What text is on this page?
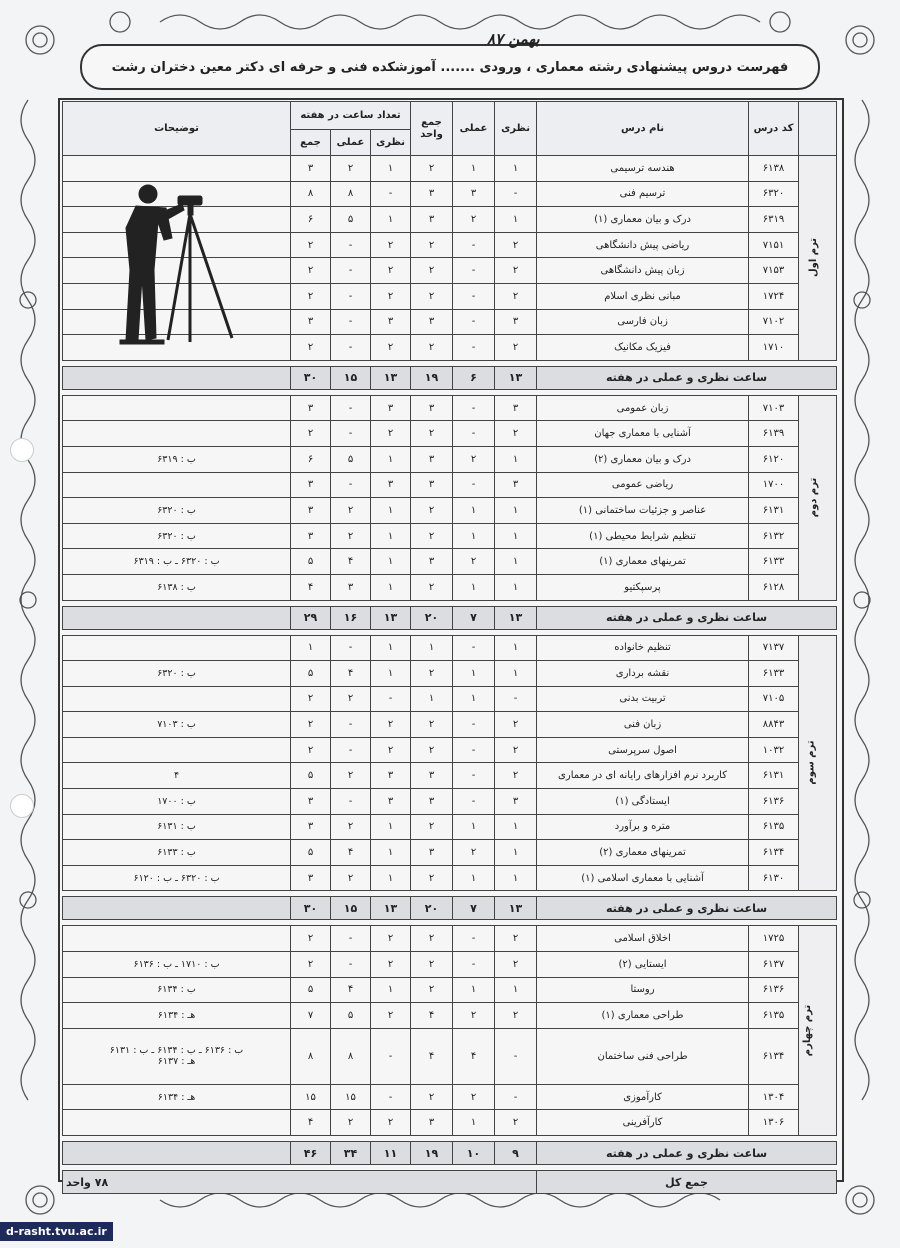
فهرست دروس پیشنهادی رشته معماری ، ورودی ....... آموزشکده فنی و حرفه ای دکتر معین دختران رشت
بهمن ۸۷
	کد درس	نام درس	نظری	عملی	جمع واحد	تعداد ساعت در هفته			توضیحات
						نظری	عملی	جمع	
ترم اول	۶۱۳۸	هندسه ترسیمی	۱	۱	۲	۱	۲	۳	
	۶۳۲۰	ترسیم فنی	-	۳	۳	-	۸	۸	
	۶۳۱۹	درک و بیان معماری (۱)	۱	۲	۳	۱	۵	۶	
	۷۱۵۱	ریاضی پیش دانشگاهی	۲	-	۲	۲	-	۲	
	۷۱۵۳	زبان پیش دانشگاهی	۲	-	۲	۲	-	۲	
	۱۷۲۴	مبانی نظری اسلام	۲	-	۲	۲	-	۲	
	۷۱۰۲	زبان فارسی	۳	-	۳	۳	-	۳	
	۱۷۱۰	فیزیک مکانیک	۲	-	۲	۲	-	۲	

ساعت نظری و عملی در هفته			۱۳	۶	۱۹	۱۳	۱۵	۳۰	

ترم دوم	۷۱۰۳	زبان عمومی	۳	-	۳	۳	-	۳	
	۶۱۳۹	آشنایی با معماری جهان	۲	-	۲	۲	-	۲	
	۶۱۲۰	درک و بیان معماری (۲)	۱	۲	۳	۱	۵	۶	ب : ۶۳۱۹
	۱۷۰۰	ریاضی عمومی	۳	-	۳	۳	-	۳	
	۶۱۳۱	عناصر و جزئیات ساختمانی (۱)	۱	۱	۲	۱	۲	۳	ب : ۶۳۲۰
	۶۱۳۲	تنظیم شرایط محیطی (۱)	۱	۱	۲	۱	۲	۳	ب : ۶۳۲۰
	۶۱۳۳	تمرینهای معماری (۱)	۱	۲	۳	۱	۴	۵	ب : ۶۳۲۰ ـ ب : ۶۳۱۹
	۶۱۲۸	پرسپکتیو	۱	۱	۲	۱	۳	۴	ب : ۶۱۳۸

ساعت نظری و عملی در هفته			۱۳	۷	۲۰	۱۳	۱۶	۲۹	

ترم سوم	۷۱۳۷	تنظیم خانواده	۱	-	۱	۱	-	۱	
	۶۱۳۳	نقشه برداری	۱	۱	۲	۱	۴	۵	ب : ۶۳۲۰
	۷۱۰۵	تربیت بدنی	-	۱	۱	-	۲	۲	
	۸۸۴۳	زبان فنی	۲	-	۲	۲	-	۲	ب : ۷۱۰۳
	۱۰۳۲	اصول سرپرستی	۲	-	۲	۲	-	۲	
	۶۱۳۱	کاربرد نرم افزارهای رایانه ای در معماری	۲	-	۳	۳	۲	۵	۴
	۶۱۳۶	ایستادگی (۱)	۳	-	۳	۳	-	۳	ب : ۱۷۰۰
	۶۱۳۵	متره و برآورد	۱	۱	۲	۱	۲	۳	ب : ۶۱۳۱
	۶۱۳۴	تمرینهای معماری (۲)	۱	۲	۳	۱	۴	۵	ب : ۶۱۳۳
	۶۱۳۰	آشنایی با معماری اسلامی (۱)	۱	۱	۲	۱	۲	۳	ب : ۶۳۲۰ ـ ب : ۶۱۲۰

ساعت نظری و عملی در هفته			۱۳	۷	۲۰	۱۳	۱۵	۳۰	

ترم چهارم	۱۷۲۵	اخلاق اسلامی	۲	-	۲	۲	-	۲	
	۶۱۳۷	ایستایی (۲)	۲	-	۲	۲	-	۲	ب : ۱۷۱۰ ـ ب : ۶۱۳۶
	۶۱۳۶	روستا	۱	۱	۲	۱	۴	۵	ب : ۶۱۳۴
	۶۱۳۵	طراحی معماری (۱)	۲	۲	۴	۲	۵	۷	هـ : ۶۱۳۴
	۶۱۳۴	طراحی فنی ساختمان	-	۴	۴	-	۸	۸	ب : ۶۱۳۶ ـ ب : ۶۱۳۴ ـ ب : ۶۱۳۱
هـ : ۶۱۳۷

	۱۳۰۴	کارآموزی	-	۲	۲	-	۱۵	۱۵	هـ : ۶۱۳۴
	۱۳۰۶	کارآفرینی	۲	۱	۳	۲	۲	۴	

ساعت نظری و عملی در هفته			۹	۱۰	۱۹	۱۱	۳۴	۴۶	

جمع کل			۷۸ واحد						
d-rasht.tvu.ac.ir
